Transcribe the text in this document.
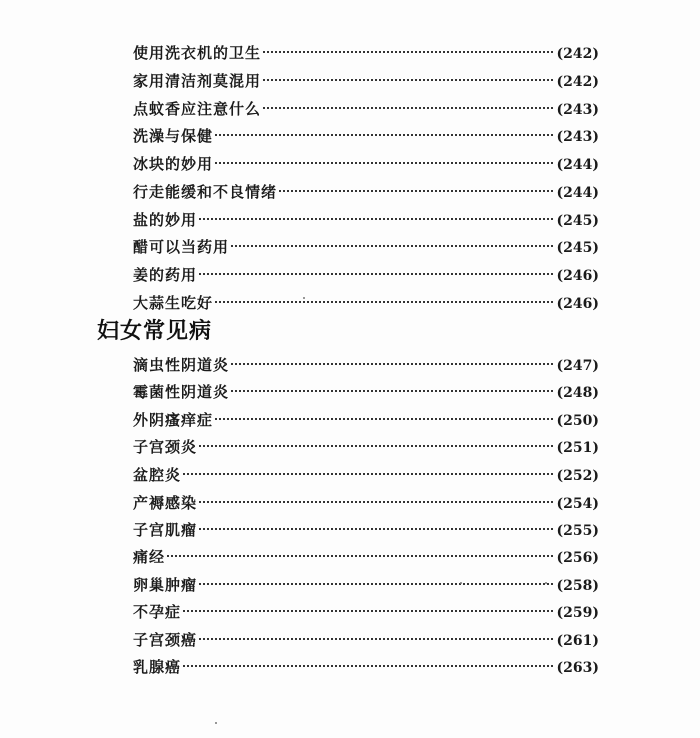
使用洗衣机的卫生	(242)
家用清洁剂莫混用	(242)
点蚊香应注意什么	(243)
洗澡与保健	(243)
冰块的妙用	(244)
行走能缓和不良情绪	(244)
盐的妙用	(245)
醋可以当药用	(245)
姜的药用	(246)
大蒜生吃好	(246)
妇女常见病
滴虫性阴道炎	(247)
霉菌性阴道炎	(248)
外阴瘙痒症	(250)
子宫颈炎	(251)
盆腔炎	(252)
产褥感染	(254)
子宫肌瘤	(255)
痛经	(256)
卵巢肿瘤	(258)
不孕症	(259)
子宫颈癌	(261)
乳腺癌	(263)
